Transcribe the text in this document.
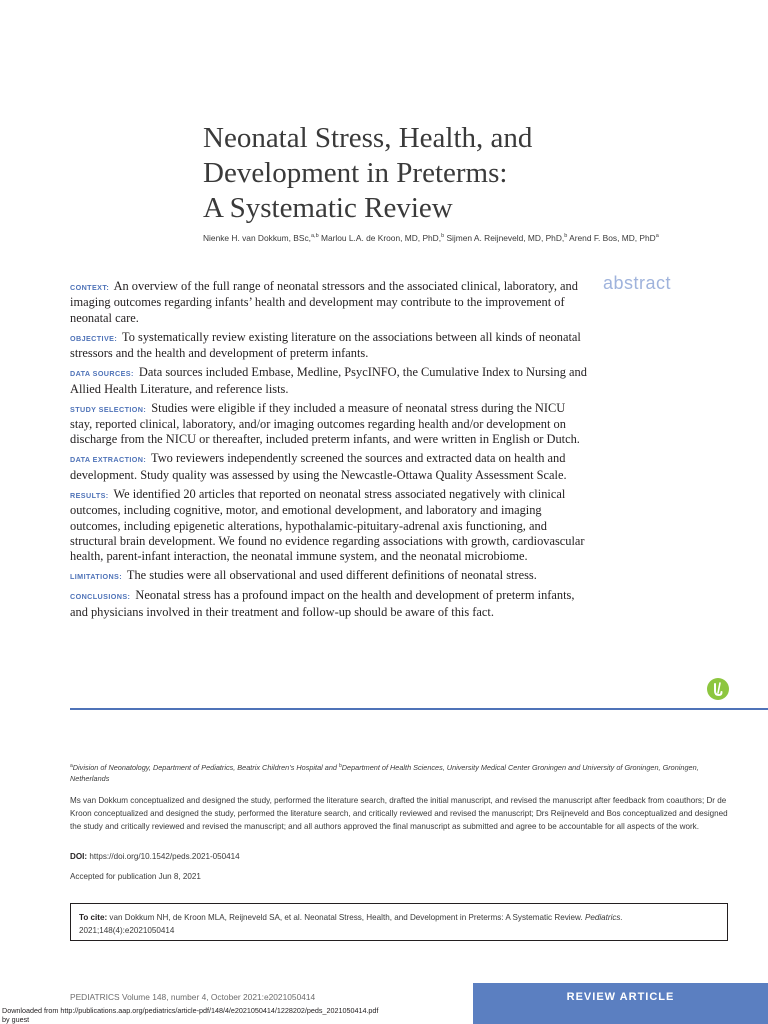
Neonatal Stress, Health, and
Development in Preterms:
A Systematic Review
Nienke H. van Dokkum, BSc,$^{a,b}$ Marlou L.A. de Kroon, MD, PhD,$^b$ Sijmen A. Reijneveld, MD, PhD,$^b$ Arend F. Bos, MD, PhD$^a$
abstract

CONTEXT: An overview of the full range of neonatal stressors and the associated clinical, laboratory, and imaging outcomes regarding infants’ health and development may contribute to the improvement of neonatal care.

OBJECTIVE: To systematically review existing literature on the associations between all kinds of neonatal stressors and the health and development of preterm infants.

DATA SOURCES: Data sources included Embase, Medline, PsycINFO, the Cumulative Index to Nursing and Allied Health Literature, and reference lists.

STUDY SELECTION: Studies were eligible if they included a measure of neonatal stress during the NICU stay, reported clinical, laboratory, and/or imaging outcomes regarding health and/or development on discharge from the NICU or thereafter, included preterm infants, and were written in English or Dutch.

DATA EXTRACTION: Two reviewers independently screened the sources and extracted data on health and development. Study quality was assessed by using the Newcastle-Ottawa Quality Assessment Scale.

RESULTS: We identified 20 articles that reported on neonatal stress associated negatively with clinical outcomes, including cognitive, motor, and emotional development, and laboratory and imaging outcomes, including epigenetic alterations, hypothalamic-pituitary-adrenal axis functioning, and structural brain development. We found no evidence regarding associations with growth, cardiovascular health, parent-infant interaction, the neonatal immune system, and the neonatal microbiome.

LIMITATIONS: The studies were all observational and used different definitions of neonatal stress.

CONCLUSIONS: Neonatal stress has a profound impact on the health and development of preterm infants, and physicians involved in their treatment and follow-up should be aware of this fact.

$^a$Division of Neonatology, Department of Pediatrics, Beatrix Children’s Hospital and $^b$Department of Health Sciences, University Medical Center Groningen and University of Groningen, Groningen, Netherlands
Ms van Dokkum conceptualized and designed the study, performed the literature search, drafted the initial manuscript, and revised the manuscript after feedback from coauthors; Dr de Kroon conceptualized and designed the study, performed the literature search, and critically reviewed and revised the manuscript; Drs Reijneveld and Bos conceptualized and designed the study and critically reviewed and revised the manuscript; and all authors approved the final manuscript as submitted and agree to be accountable for all aspects of the work.
DOI: https://doi.org/10.1542/peds.2021-050414
Accepted for publication Jun 8, 2021
To cite: van Dokkum NH, de Kroon MLA, Reijneveld SA, et al. Neonatal Stress, Health, and Development in Preterms: A Systematic Review. Pediatrics. 2021;148(4):e2021050414
PEDIATRICS Volume 148, number 4, October 2021:e2021050414	REVIEW ARTICLE
Downloaded from http://publications.aap.org/pediatrics/article-pdf/148/4/e2021050414/1228202/peds_2021050414.pdf
by guest
